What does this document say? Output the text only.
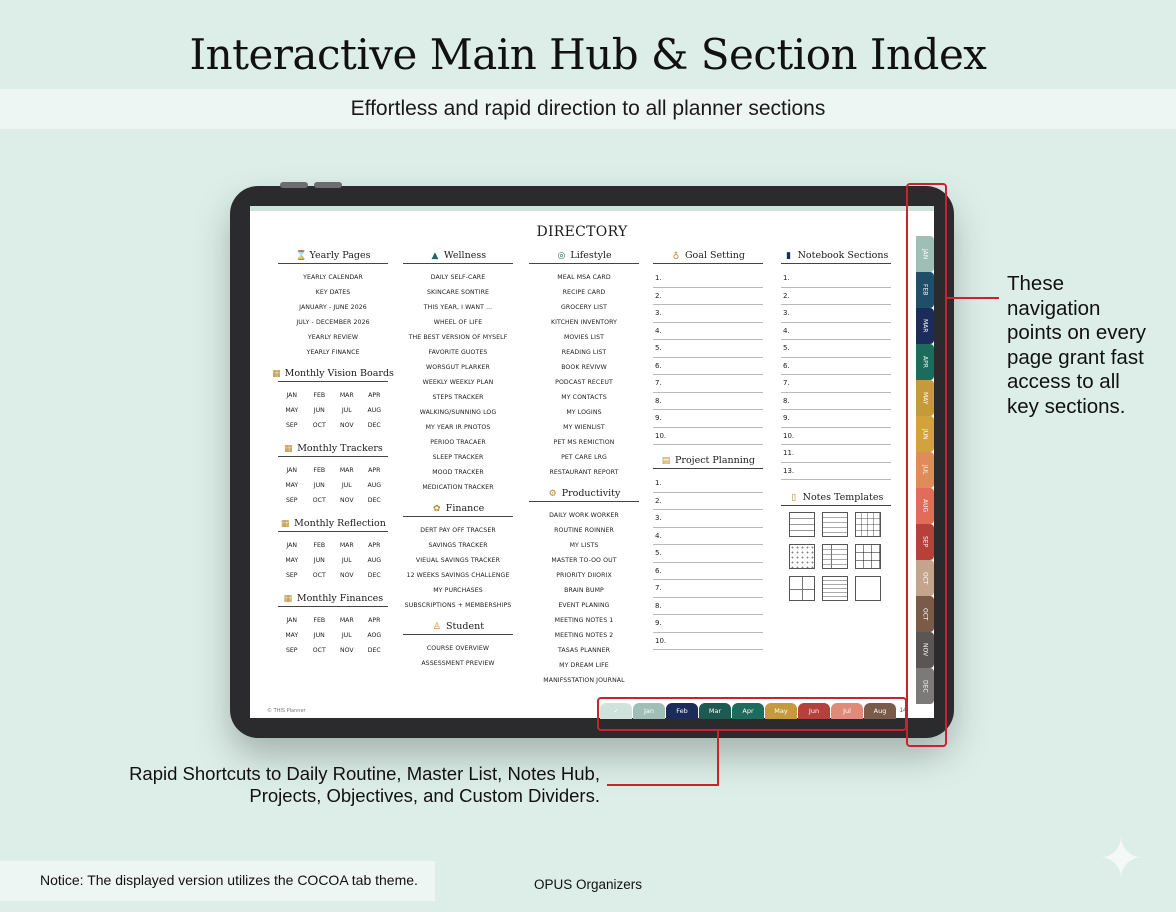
Interactive Main Hub & Section Index
Effortless and rapid direction to all planner sections
DIRECTORY
⌛ Yearly Pages
YEARLY CALENDAR
KEY DATES
JANUARY - JUNE 2026
JULY - DECEMBER 2026
YEARLY REVIEW
YEARLY FINANCE
▦ Monthly Vision Boards
JAN	FEB	MAR	APR
MAY	JUN	JUL	AUG
SEP	OCT	NOV	DEC
▦ Monthly Trackers
JAN	FEB	MAR	APR
MAY	JUN	JUL	AUG
SEP	OCT	NOV	DEC
▦ Monthly Reflection
JAN	FEB	MAR	APR
MAY	JUN	JUL	AUG
SEP	OCT	NOV	DEC
▦ Monthly Finances
JAN	FEB	MAR	APR
MAY	JUN	JUL	AOG
SEP	OCT	NOV	DEC
▲ Wellness
DAILY SELF-CARE
SKINCARE SONTIRE
THIS YEAR, I WANT ...
WHEEL OF LIFE
THE BEST VERSION OF MYSELF
FAVORITE GUOTES
WORSGUT PLARKER
WEEKLY WEEKLY PLAN
STEPS TRACKER
WALKING/SUNNING LOG
MY YEAR IR PNOTOS
PERIOO TRACAER
SLEEP TRACKER
MOOD TRACKER
MEDICATION TRACKER
✿ Finance
DERT PAY OFF TRACSER
SAVINGS TRACKER
VIEUAL SAVINGS TRACKER
12 WEEKS SAVINGS CHALLENGE
MY PURCHASES
SUBSCRIPTIONS + MEMBERSHIPS
♙ Student
COURSE OVERVIEW
ASSESSMENT PREVIEW
◎ Lifestyle
MEAL MSA CARD
RECIPE CARD
GROCERY LIST
KITCHEN INVENTORY
MOVIES LIST
READING LIST
BOOK REVIVW
PODCAST RECEUT
MY CONTACTS
MY LOGINS
MY WIENLIST
PET MS REMICTION
PET CARE LRG
RESTAURANT REPORT
⚙ Productivity
DAILY WORK WORKER
ROUTINE ROINNER
MY LISTS
MASTER TO-OO OUT
PRIORITY DIIORIX
BRAIN BUMP
EVENT PLANING
MEETING NOTES 1
MEETING NOTES 2
TASAS PLANNER
MY DREAM LIFE
MANIFSSTATION JOURNAL
♁ Goal Setting
1.
2.
3.
4.
5.
6.
7.
8.
9.
10.
▤ Project Planning
1.
2.
3.
4.
5.
6.
7.
8.
9.
10.
▮ Notebook Sections
1.
2.
3.
4.
5.
6.
7.
8.
9.
10.
11.
13.
▯ Notes Templates
© THIS Planner
JAN
FEB
MAR
APR
MAY
JUN
JUL
AUG
SEP
OCT
OCT
NOV
DEC
✓	Jan	Feb	Mar	Apr	May	Jun	Jul	Aug	14
These navigation points on every page grant fast access to all key sections.
Rapid Shortcuts to Daily Routine, Master List, Notes Hub,
Projects, Objectives, and Custom Dividers.
Notice: The displayed version utilizes the COCOA tab theme.	OPUS Organizers	✦
